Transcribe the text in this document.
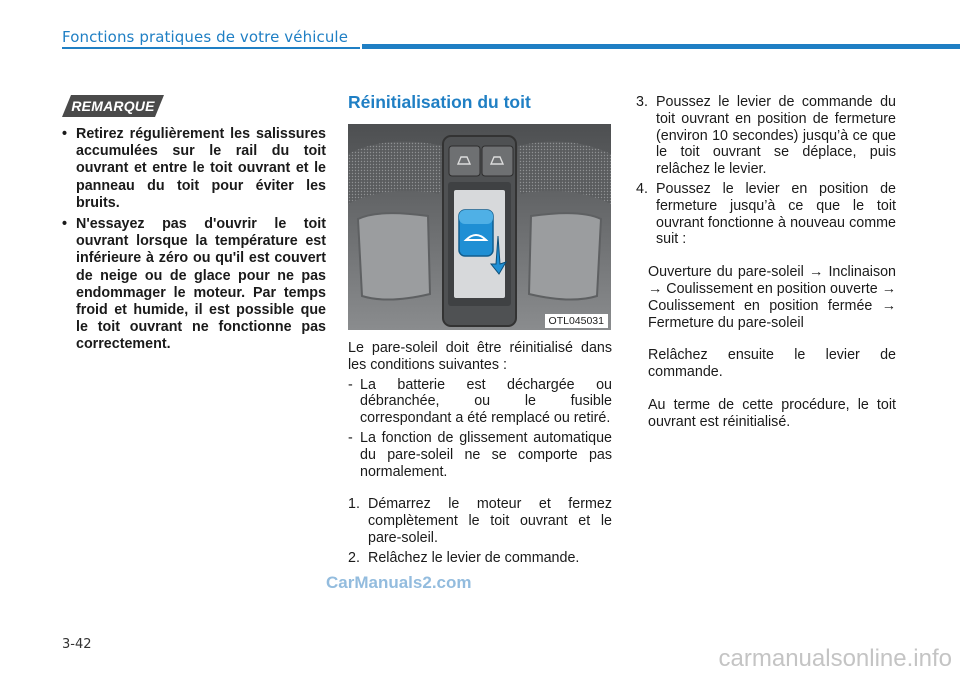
Fonctions pratiques de votre véhicule
REMARQUE
• Retirez régulièrement les salissures accumulées sur le rail du toit ouvrant et entre le toit ouvrant et le panneau du toit pour éviter les bruits.
• N'essayez pas d'ouvrir le toit ouvrant lorsque la température est inférieure à zéro ou qu'il est couvert de neige ou de glace pour ne pas endommager le moteur. Par temps froid et humide, il est possible que le toit ouvrant ne fonctionne pas correctement.
Réinitialisation du toit
OTL045031

Le pare-soleil doit être réinitialisé dans les conditions suivantes :

- La batterie est déchargée ou débranchée, ou le fusible correspondant a été remplacé ou retiré.
- La fonction de glissement automatique du pare-soleil ne se comporte pas normalement.
1. Démarrez le moteur et fermez complètement le toit ouvrant et le pare-soleil.
2. Relâchez le levier de commande.
3. Poussez le levier de commande du toit ouvrant en position de fermeture (environ 10 secondes) jusqu’à ce que le toit ouvrant se déplace, puis relâchez le levier.
4. Poussez le levier en position de fermeture jusqu’à ce que le toit ouvrant fonctionne à nouveau comme suit :

Ouverture du pare-soleil → Inclinaison → Coulissement en position ouverte → Coulissement en position fermée → Fermeture du pare-soleil

Relâchez ensuite le levier de commande.

Au terme de cette procédure, le toit ouvrant est réinitialisé.

CarManuals2.com
3-42
carmanualsonline.info
